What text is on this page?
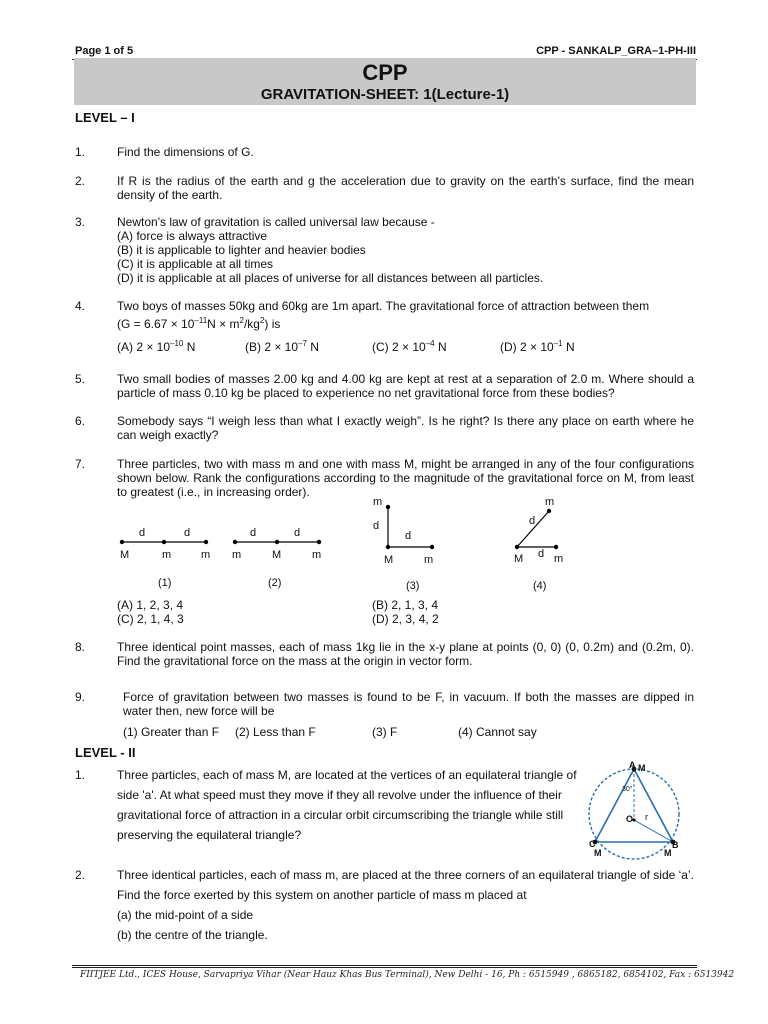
Page 1 of 5	CPP - SANKALP_GRA–1-PH-III
CPP
GRAVITATION-SHEET: 1(Lecture-1)
LEVEL – I
1.	Find the dimensions of G.
2.	If R is the radius of the earth and g the acceleration due to gravity on the earth's surface, find the mean density of the earth.
3.	Newton's law of gravitation is called universal law because -
(A) force is always attractive
(B) it is applicable to lighter and heavier bodies
(C) it is applicable at all times
(D) it is applicable at all places of universe for all distances between all particles.
4.	Two boys of masses 50kg and 60kg are 1m apart. The gravitational force of attraction between them
$(G = 6.67 \times 10^{-11}N \times m^2/kg^2)$ is
(A) $2 \times 10^{-10}$ N	(B) $2 \times 10^{-7}$ N	(C) $2 \times 10^{-4}$ N	(D) $2 \times 10^{-1}$ N
5.	Two small bodies of masses 2.00 kg and 4.00 kg are kept at rest at a separation of 2.0 m. Where should a particle of mass 0.10 kg be placed to experience no net gravitational force from these bodies?
6.	Somebody says “I weigh less than what I exactly weigh”. Is he right? Is there any place on earth where he can weigh exactly?
7.	Three particles, two with mass m and one with mass M, might be arranged in any of the four configurations shown below. Rank the configurations according to the magnitude of the gravitational force on M, from least to greatest (i.e., in increasing order).
d	d
M	m	m
(1)
d	d
m	M	m
(2)
m
d
d
M	m
(3)
m
d
d
M	m
(4)
(A) 1, 2, 3, 4	(B) 2, 1, 3, 4
(C) 2, 1, 4, 3	(D) 2, 3, 4, 2
8.	Three identical point masses, each of mass 1kg lie in the x-y plane at points (0, 0) (0, 0.2m) and (0.2m, 0). Find the gravitational force on the mass at the origin in vector form.
9.	Force of gravitation between two masses is found to be F, in vacuum. If both the masses are dipped in water then, new force will be
(1) Greater than F (2) Less than F	(3) F	(4) Cannot say
LEVEL - II
1.	Three particles, each of mass M, are located at the vertices of an equilateral triangle of
side 'a'. At what speed must they move if they all revolve under the influence of their
gravitational force of attraction in a circular orbit circumscribing the triangle while still
preserving the equilateral triangle?
A M
30°
O r
C
M	M
B
2.	Three identical particles, each of mass m, are placed at the three corners of an equilateral triangle of side ‘a’.
Find the force exerted by this system on another particle of mass m placed at
(a) the mid-point of a side
(b) the centre of the triangle.
FIITJEE Ltd., ICES House, Sarvapriya Vihar (Near Hauz Khas Bus Terminal), New Delhi - 16, Ph : 6515949 , 6865182, 6854102, Fax : 6513942
